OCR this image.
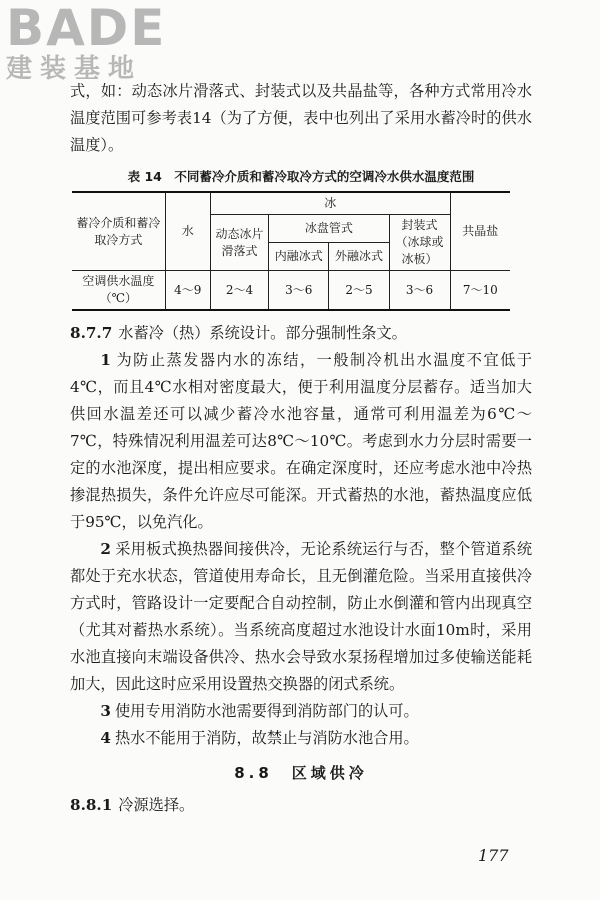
BADE
建装基地

式，如：动态冰片滑落式、封装式以及共晶盐等，各种方式常用冷水温度范围可参考表14（为了方便，表中也列出了采用水蓄冷时的供水温度）。

表 14　不同蓄冷介质和蓄冷取冷方式的空调冷水供水温度范围
蓄冷介质和蓄冷取冷方式	水	冰				共晶盐
		动态冰片滑落式	冰盘管式		封装式（冰球或冰板）	
			内融冰式	外融冰式		
空调供水温度（℃）	4～9	2～4	3～6	2～5	3～6	7～10

8.7.7 水蓄冷（热）系统设计。部分强制性条文。

1 为防止蒸发器内水的冻结，一般制冷机出水温度不宜低于4℃，而且4℃水相对密度最大，便于利用温度分层蓄存。适当加大供回水温差还可以减少蓄冷水池容量，通常可利用温差为6℃～7℃，特殊情况利用温差可达8℃～10℃。考虑到水力分层时需要一定的水池深度，提出相应要求。在确定深度时，还应考虑水池中冷热掺混热损失，条件允许应尽可能深。开式蓄热的水池，蓄热温度应低于95℃，以免汽化。

2 采用板式换热器间接供冷，无论系统运行与否，整个管道系统都处于充水状态，管道使用寿命长，且无倒灌危险。当采用直接供冷方式时，管路设计一定要配合自动控制，防止水倒灌和管内出现真空（尤其对蓄热水系统）。当系统高度超过水池设计水面10m时，采用水池直接向末端设备供冷、热水会导致水泵扬程增加过多使输送能耗加大，因此这时应采用设置热交换器的闭式系统。

3 使用专用消防水池需要得到消防部门的认可。

4 热水不能用于消防，故禁止与消防水池合用。

8.8　区域供冷

8.8.1 冷源选择。

177
